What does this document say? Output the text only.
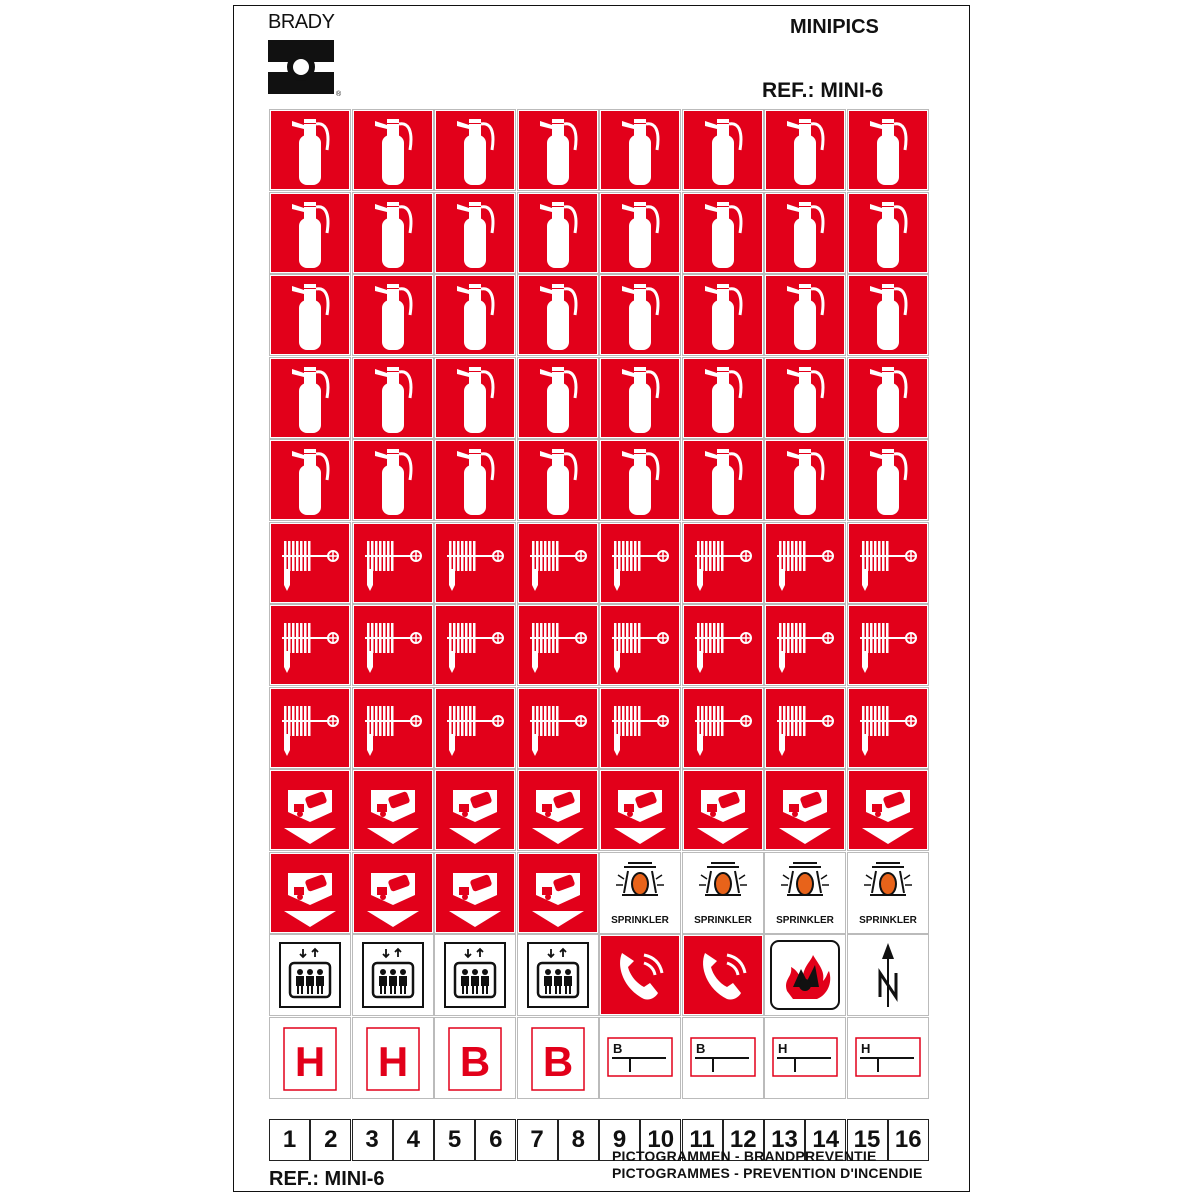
BRADY
®
MINIPICS
REF.: MINI-6
SPRINKLER SPRINKLER SPRINKLER SPRINKLER
H H B B	B	B	H	H
1	2	3	4	5	6	7	8	9 10 11 12 13 14 15 16
REF.: MINI-6
PICTOGRAMMEN - BRANDPREVENTIE
PICTOGRAMMES - PREVENTION D'INCENDIE
